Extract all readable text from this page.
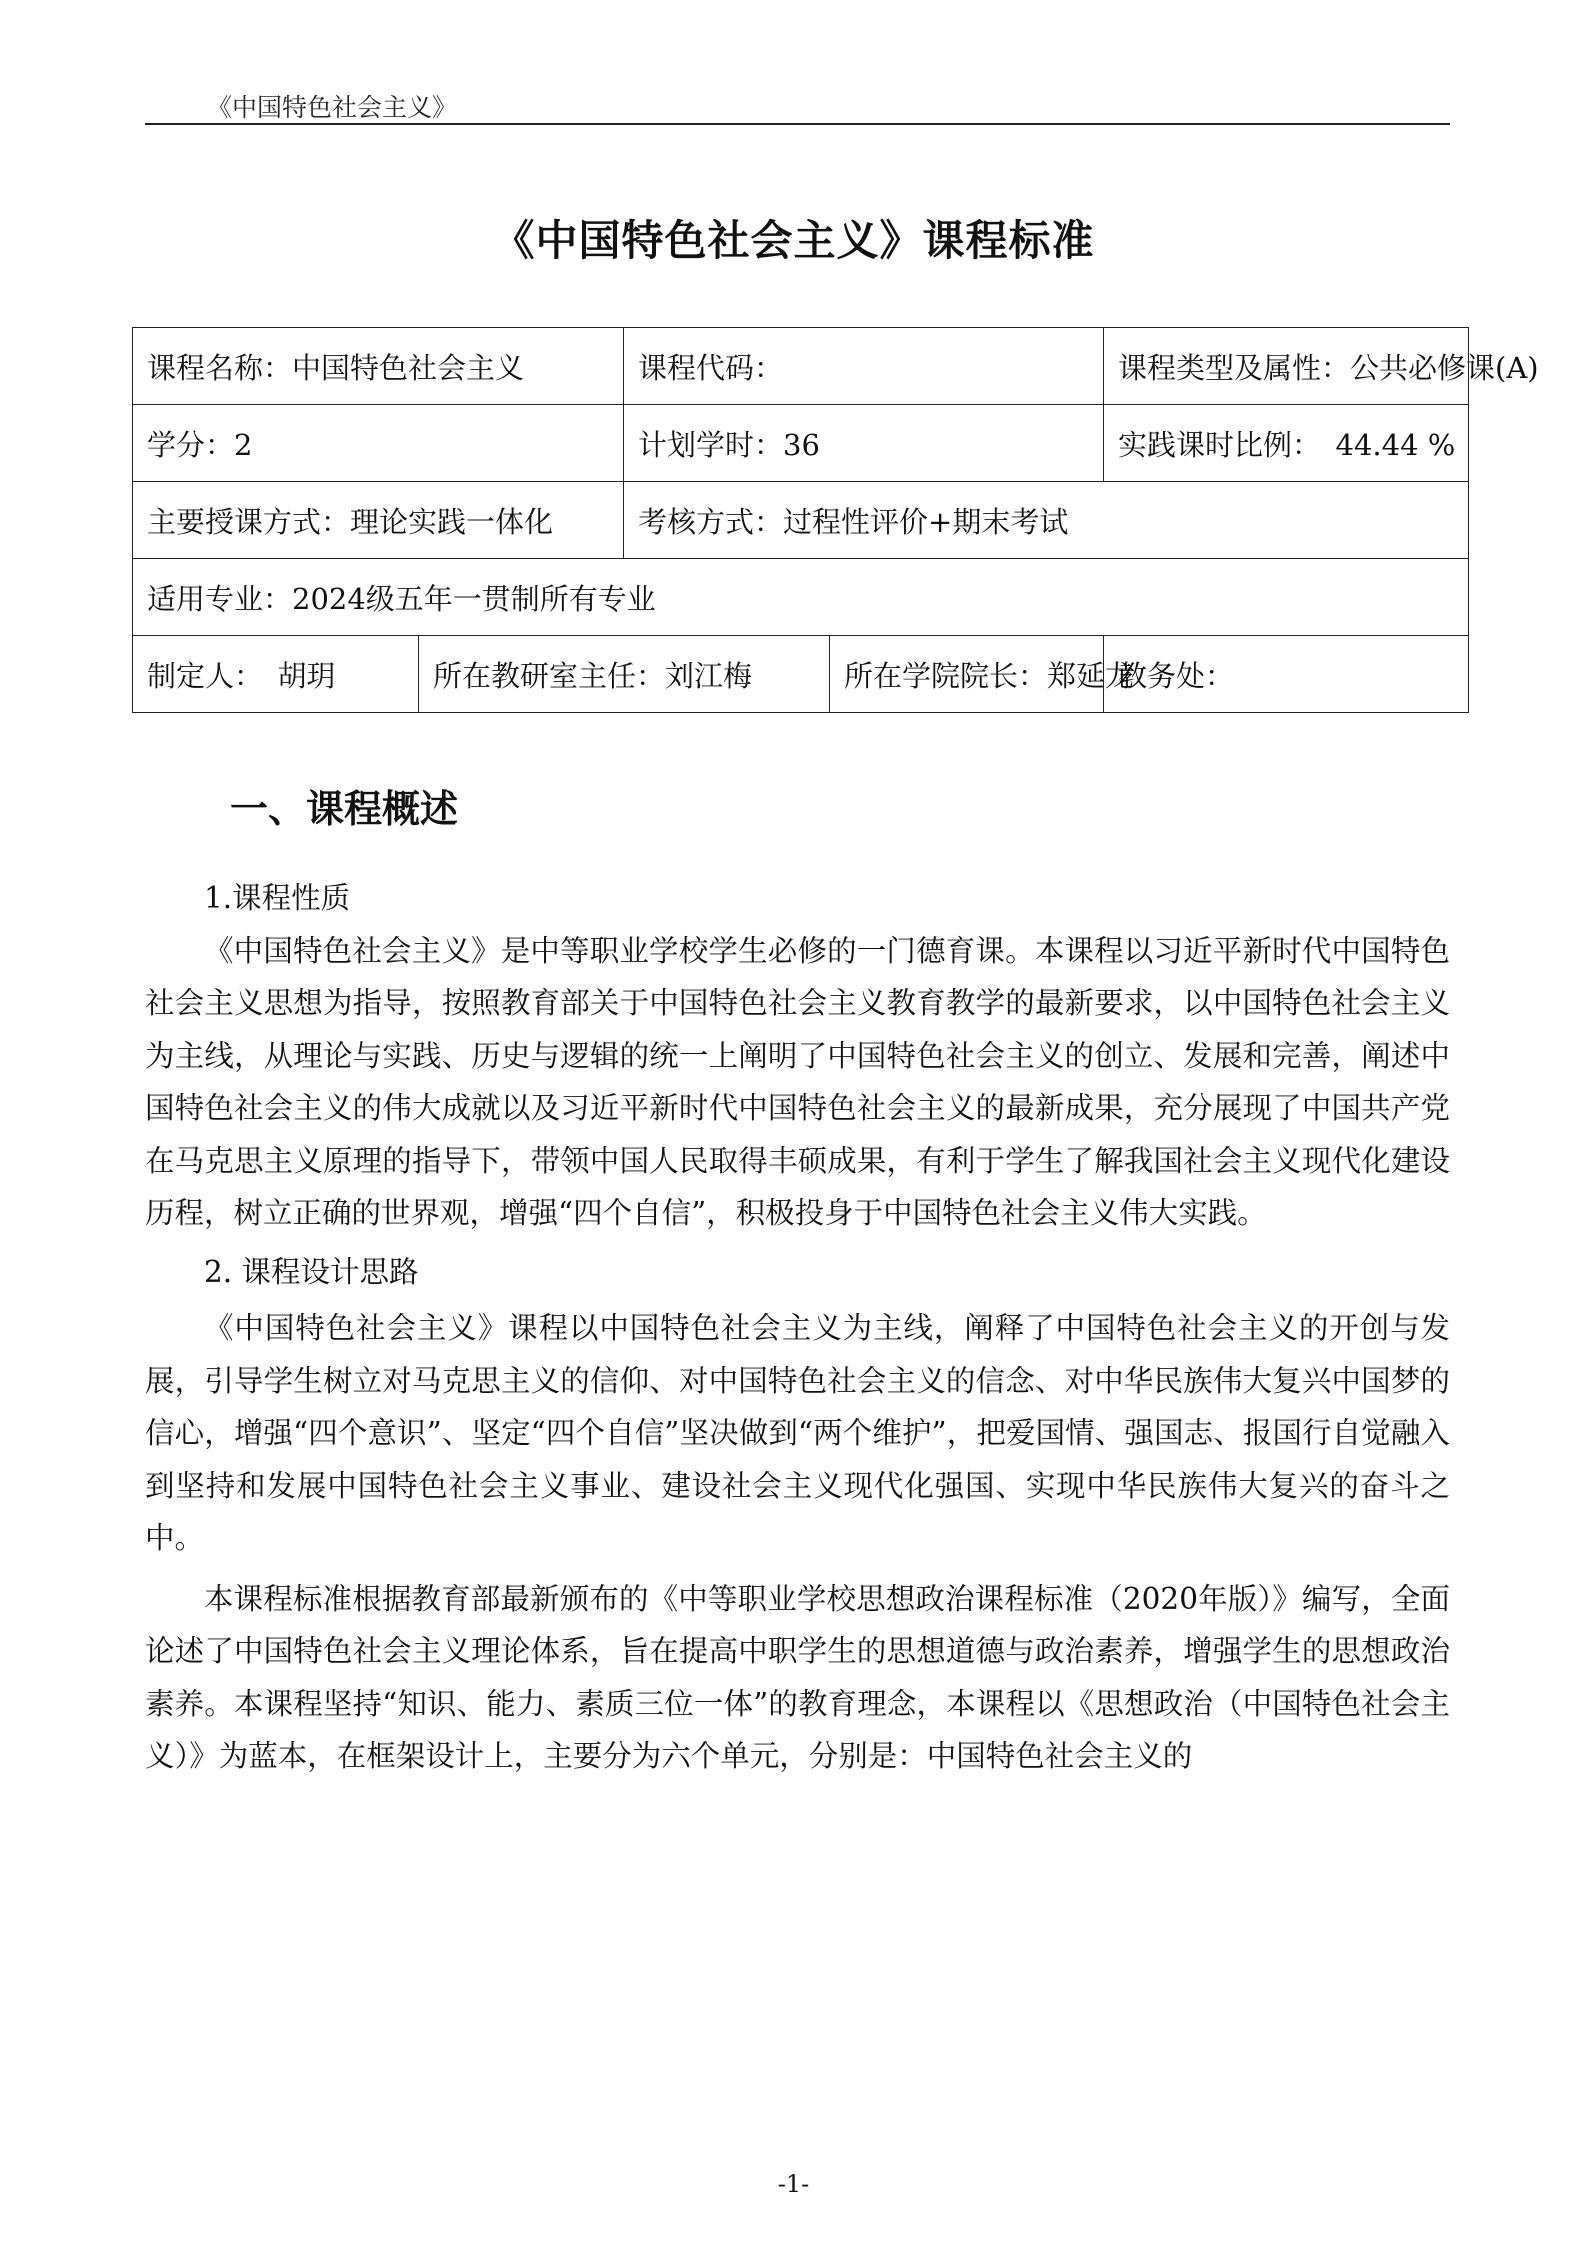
《中国特色社会主义》
《中国特色社会主义》课程标准
课程名称：中国特色社会主义		课程代码：		课程类型及属性：公共必修课(A)
学分：2		计划学时：36		实践课时比例：　44.44 %
主要授课方式：理论实践一体化		考核方式：过程性评价+期末考试		
适用专业：2024级五年一贯制所有专业				
制定人：　胡玥	所在教研室主任：刘江梅		所在学院院长：郑延龙	教务处：
一、课程概述

1.课程性质

《中国特色社会主义》是中等职业学校学生必修的一门德育课。本课程以习近平新时代中国特色社会主义思想为指导，按照教育部关于中国特色社会主义教育教学的最新要求，以中国特色社会主义为主线，从理论与实践、历史与逻辑的统一上阐明了中国特色社会主义的创立、发展和完善，阐述中国特色社会主义的伟大成就以及习近平新时代中国特色社会主义的最新成果，充分展现了中国共产党在马克思主义原理的指导下，带领中国人民取得丰硕成果，有利于学生了解我国社会主义现代化建设历程，树立正确的世界观，增强“四个自信”，积极投身于中国特色社会主义伟大实践。

2. 课程设计思路

《中国特色社会主义》课程以中国特色社会主义为主线，阐释了中国特色社会主义的开创与发展，引导学生树立对马克思主义的信仰、对中国特色社会主义的信念、对中华民族伟大复兴中国梦的信心，增强“四个意识”、坚定“四个自信”坚决做到“两个维护”，把爱国情、强国志、报国行自觉融入到坚持和发展中国特色社会主义事业、建设社会主义现代化强国、实现中华民族伟大复兴的奋斗之中。

本课程标准根据教育部最新颁布的《中等职业学校思想政治课程标准（2020年版）》编写，全面论述了中国特色社会主义理论体系，旨在提高中职学生的思想道德与政治素养，增强学生的思想政治素养。本课程坚持“知识、能力、素质三位一体”的教育理念，本课程以《思想政治（中国特色社会主义）》为蓝本，在框架设计上，主要分为六个单元，分别是：中国特色社会主义的

-1-
